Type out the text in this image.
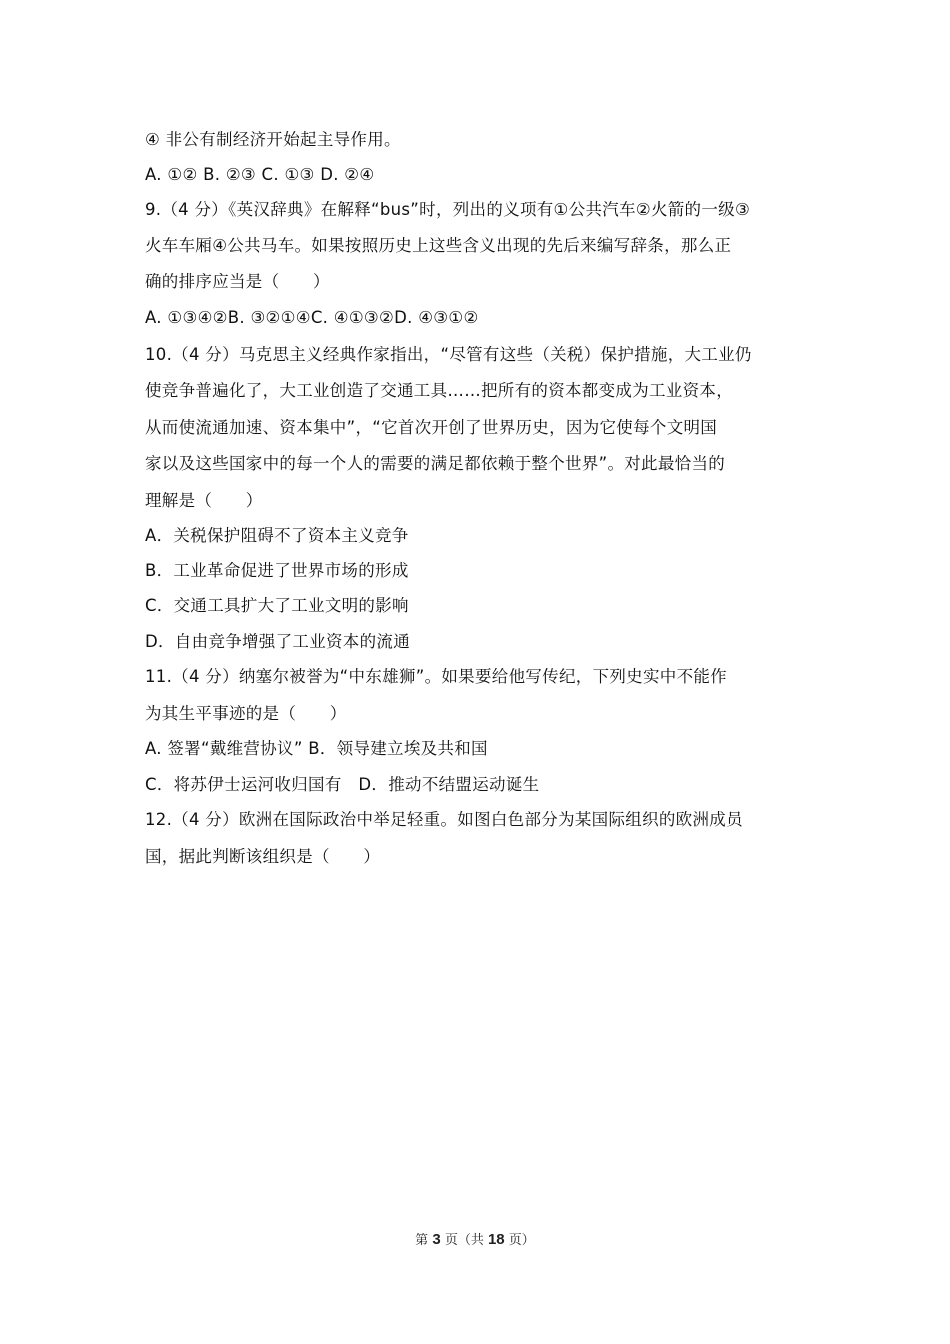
④ 非公有制经济开始起主导作用。
A. ①② B. ②③ C. ①③ D. ②④
9.（4 分）《英汉辞典》在解释“bus”时，列出的义项有①公共汽车②火箭的一级③
火车车厢④公共马车。如果按照历史上这些含义出现的先后来编写辞条，那么正
确的排序应当是（　　）
A. ①③④②B. ③②①④C. ④①③②D. ④③①②
10.（4 分）马克思主义经典作家指出，“尽管有这些（关税）保护措施，大工业仍
使竞争普遍化了，大工业创造了交通工具……把所有的资本都变成为工业资本，
从而使流通加速、资本集中”，“它首次开创了世界历史，因为它使每个文明国
家以及这些国家中的每一个人的需要的满足都依赖于整个世界”。对此最恰当的
理解是（　　）
A．关税保护阻碍不了资本主义竞争
B．工业革命促进了世界市场的形成
C．交通工具扩大了工业文明的影响
D．自由竞争增强了工业资本的流通
11.（4 分）纳塞尔被誉为“中东雄狮”。如果要给他写传纪，下列史实中不能作
为其生平事迹的是（　　）
A. 签署“戴维营协议” B．领导建立埃及共和国
C．将苏伊士运河收归国有　D．推动不结盟运动诞生
12.（4 分）欧洲在国际政治中举足轻重。如图白色部分为某国际组织的欧洲成员
国，据此判断该组织是（　　）
第 3 页（共 18 页）
